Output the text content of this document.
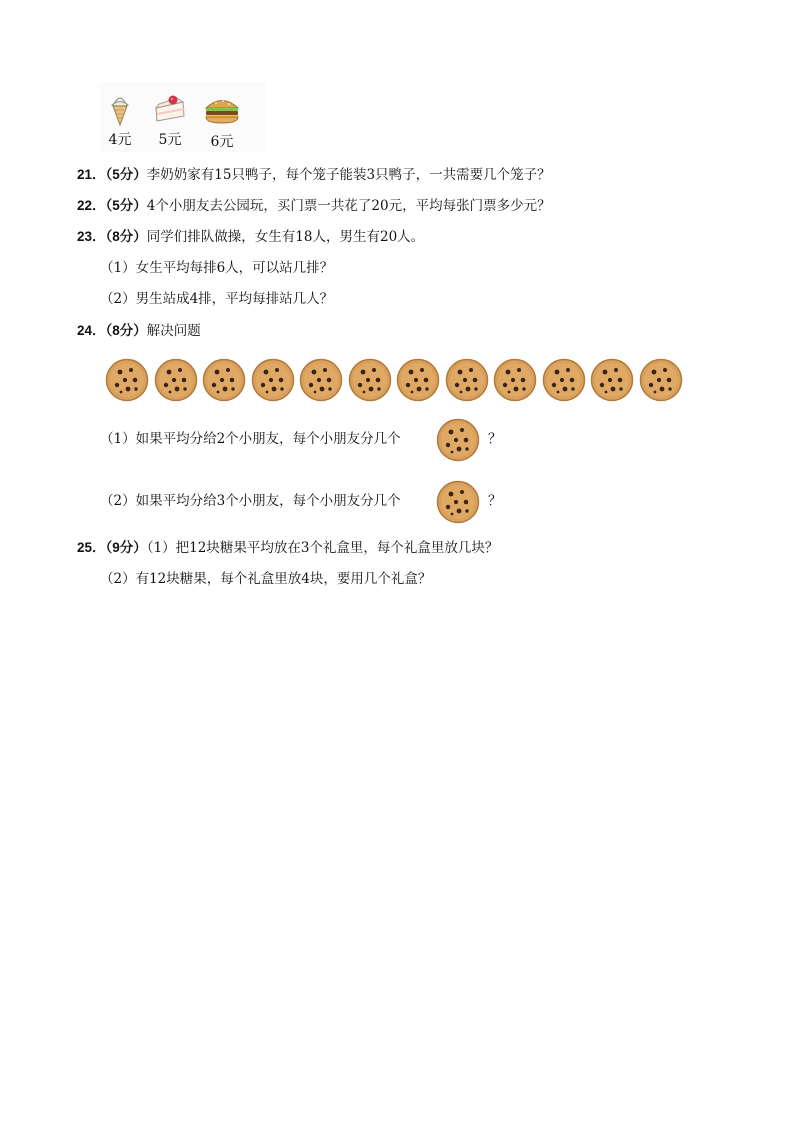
4元	5元	6元
21．（5分）李奶奶家有15只鸭子，每个笼子能装3只鸭子，一共需要几个笼子？
22．（5分）4个小朋友去公园玩，买门票一共花了20元，平均每张门票多少元？
23．（8分）同学们排队做操，女生有18人，男生有20人。
（1）女生平均每排6人，可以站几排？
（2）男生站成4排，平均每排站几人？
24．（8分）解决问题
（1）如果平均分给2个小朋友，每个小朋友分几个	？
（2）如果平均分给3个小朋友，每个小朋友分几个	？
25．（9分）（1）把12块糖果平均放在3个礼盒里，每个礼盒里放几块？
（2）有12块糖果，每个礼盒里放4块，要用几个礼盒？
